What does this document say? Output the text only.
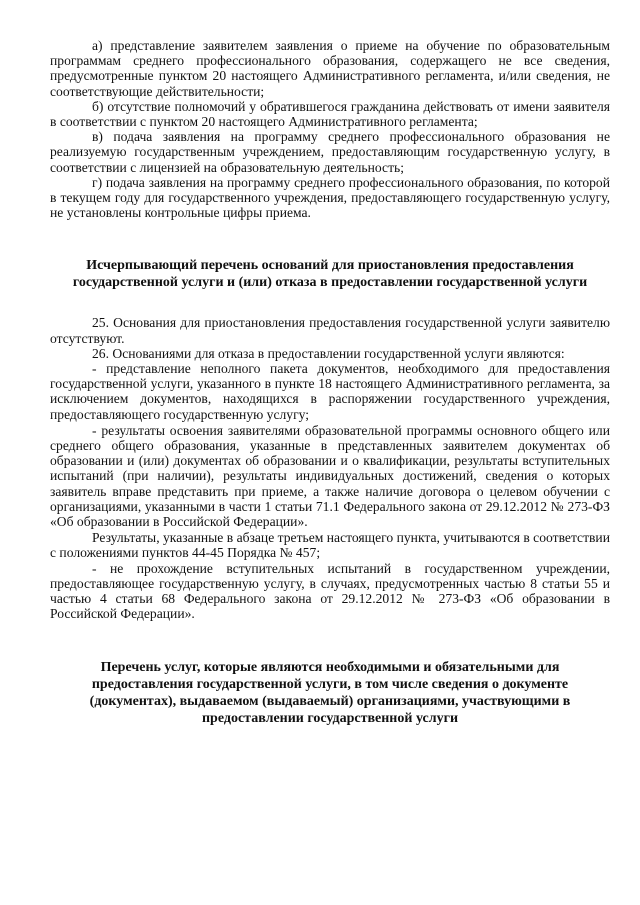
а) представление заявителем заявления о приеме на обучение по образовательным программам среднего профессионального образования, содержащего не все сведения, предусмотренные пунктом 20 настоящего Административного регламента, и/или сведения, не соответствующие действительности;

б) отсутствие полномочий у обратившегося гражданина действовать от имени заявителя в соответствии с пунктом 20 настоящего Административного регламента;

в) подача заявления на программу среднего профессионального образования не реализуемую государственным учреждением, предоставляющим государственную услугу, в соответствии с лицензией на образовательную деятельность;

г) подача заявления на программу среднего профессионального образования, по которой в текущем году для государственного учреждения, предоставляющего государственную услугу, не установлены контрольные цифры приема.

Исчерпывающий перечень оснований для приостановления предоставления государственной услуги и (или) отказа в предоставлении государственной услуги

25. Основания для приостановления предоставления государственной услуги заявителю отсутствуют.

26. Основаниями для отказа в предоставлении государственной услуги являются:

- представление неполного пакета документов, необходимого для предоставления государственной услуги, указанного в пункте 18 настоящего Административного регламента, за исключением документов, находящихся в распоряжении государственного учреждения, предоставляющего государственную услугу;

- результаты освоения заявителями образовательной программы основного общего или среднего общего образования, указанные в представленных заявителем документах об образовании и (или) документах об образовании и о квалификации, результаты вступительных испытаний (при наличии), результаты индивидуальных достижений, сведения о которых заявитель вправе представить при приеме, а также наличие договора о целевом обучении с организациями, указанными в части 1 статьи 71.1 Федерального закона от 29.12.2012 № 273-ФЗ «Об образовании в Российской Федерации».

Результаты, указанные в абзаце третьем настоящего пункта, учитываются в соответствии с положениями пунктов 44-45 Порядка № 457;

- не прохождение вступительных испытаний в государственном учреждении, предоставляющее государственную услугу, в случаях, предусмотренных частью 8 статьи 55 и частью 4 статьи 68 Федерального закона от 29.12.2012 № 273-ФЗ «Об образовании в Российской Федерации».

Перечень услуг, которые являются необходимыми и обязательными для предоставления государственной услуги, в том числе сведения о документе (документах), выдаваемом (выдаваемый) организациями, участвующими в предоставлении государственной услуги
